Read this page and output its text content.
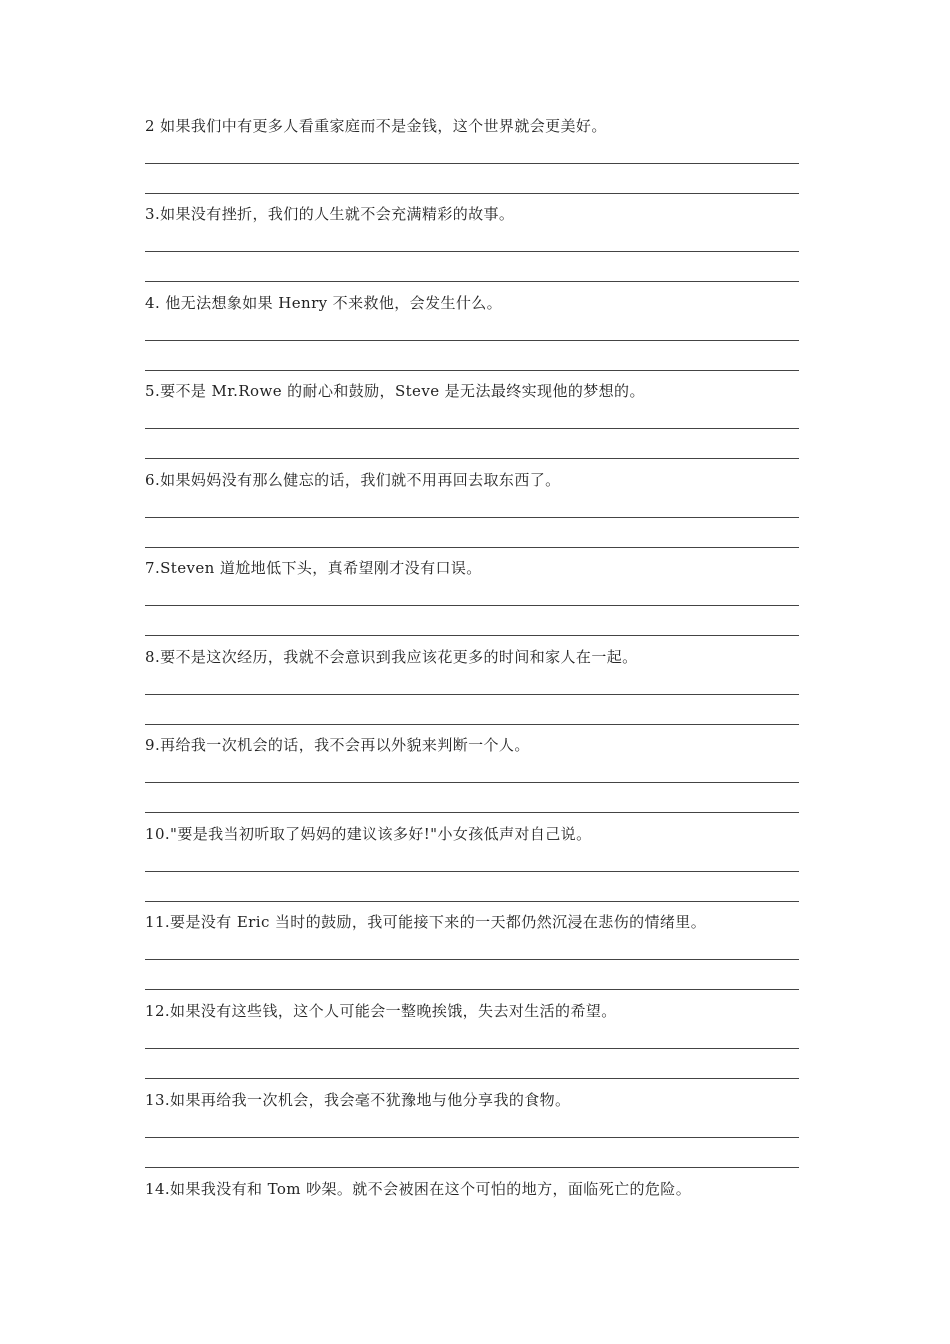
2 如果我们中有更多人看重家庭而不是金钱，这个世界就会更美好。
3.如果没有挫折，我们的人生就不会充满精彩的故事。
4. 他无法想象如果 Henry 不来救他，会发生什么。
5.要不是 Mr.Rowe 的耐心和鼓励，Steve 是无法最终实现他的梦想的。
6.如果妈妈没有那么健忘的话，我们就不用再回去取东西了。
7.Steven 道尬地低下头，真希望刚才没有口误。
8.要不是这次经历，我就不会意识到我应该花更多的时间和家人在一起。
9.再给我一次机会的话，我不会再以外貌来判断一个人。
10."要是我当初听取了妈妈的建议该多好!"小女孩低声对自己说。
11.要是没有 Eric 当时的鼓励，我可能接下来的一天都仍然沉浸在悲伤的情绪里。
12.如果没有这些钱，这个人可能会一整晚挨饿，失去对生活的希望。
13.如果再给我一次机会，我会毫不犹豫地与他分享我的食物。
14.如果我没有和 Tom 吵架。就不会被困在这个可怕的地方，面临死亡的危险。
